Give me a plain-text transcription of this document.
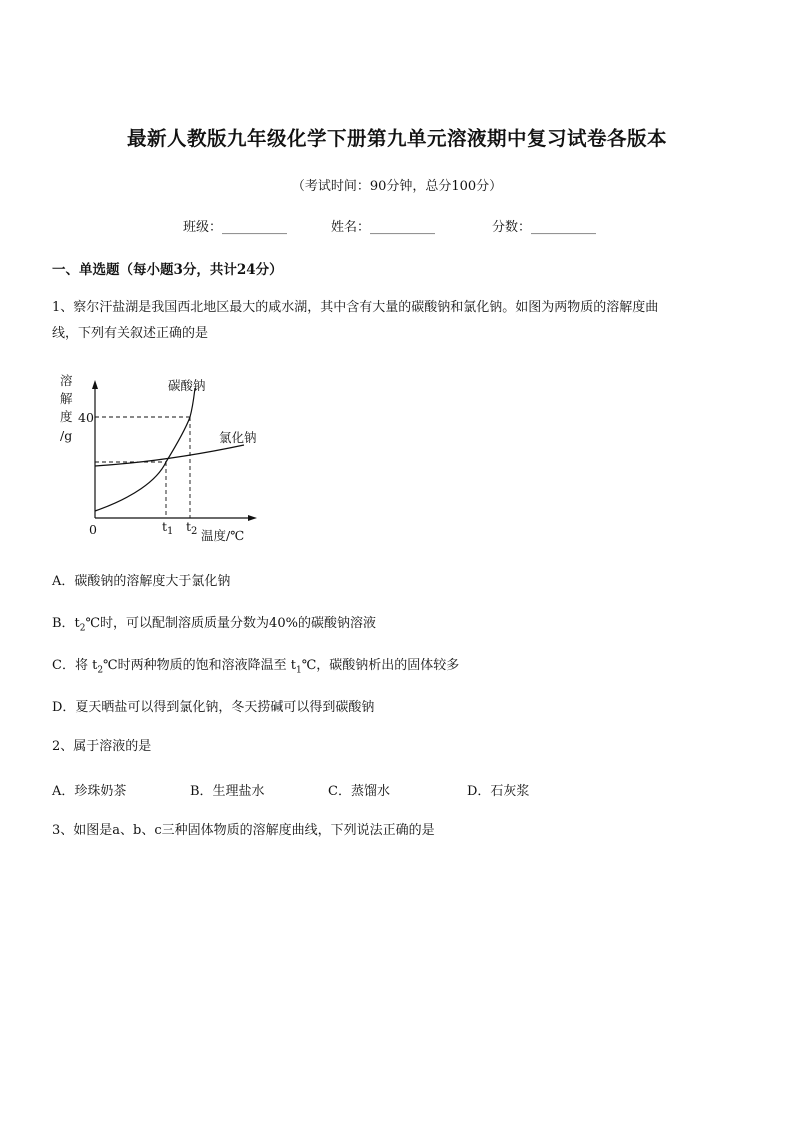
最新人教版九年级化学下册第九单元溶液期中复习试卷各版本
（考试时间：90分钟，总分100分）
班级：__________	姓名：__________	分数：__________
一、单选题（每小题3分，共计24分）
1、察尔汗盐湖是我国西北地区最大的咸水湖，其中含有大量的碳酸钠和氯化钠。如图为两物质的溶解度曲
线，下列有关叙述正确的是
溶
解
度
/g
40
0	$t_1$ $t_2$ 温度/℃
碳酸钠
氯化钠
A．碳酸钠的溶解度大于氯化钠
B．$t_2℃$时，可以配制溶质质量分数为40%的碳酸钠溶液
C．将 $t_2℃$时两种物质的饱和溶液降温至 $t_1℃$，碳酸钠析出的固体较多
D．夏天晒盐可以得到氯化钠，冬天捞碱可以得到碳酸钠
2、属于溶液的是
A．珍珠奶茶	B．生理盐水	C．蒸馏水	D．石灰浆
3、如图是a、b、c三种固体物质的溶解度曲线，下列说法正确的是
